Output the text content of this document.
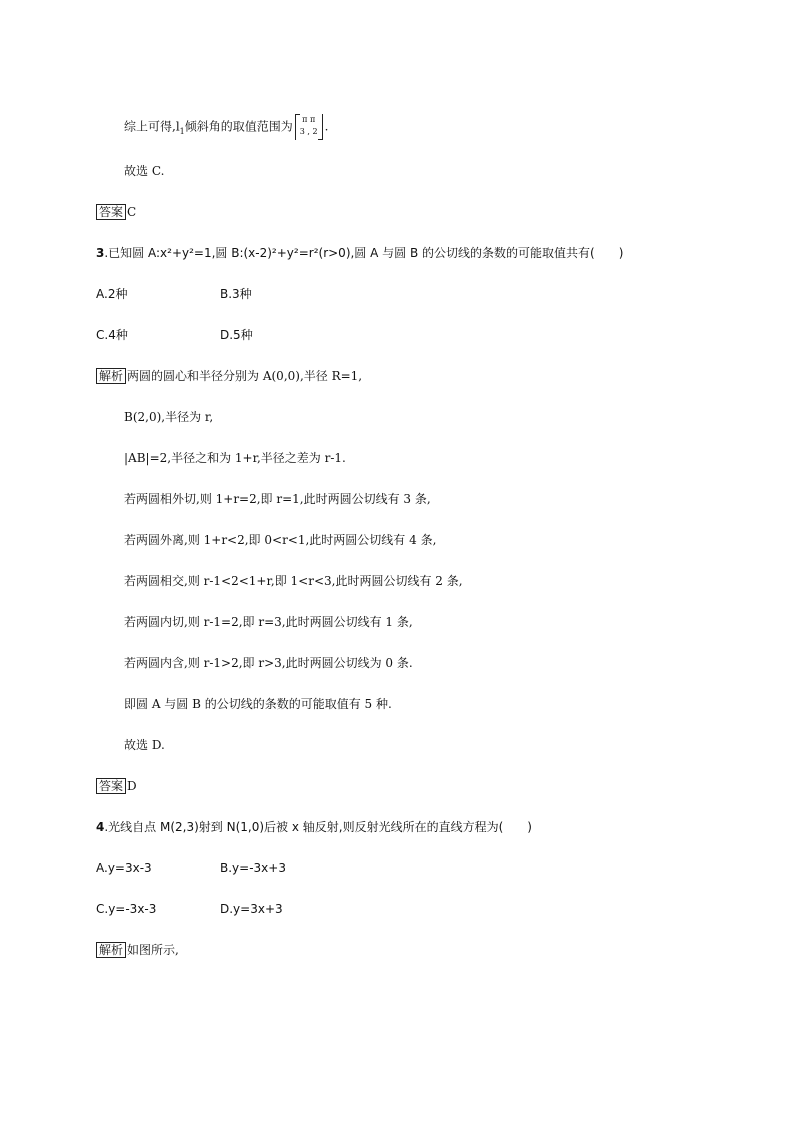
综上可得$,l_1$倾斜角的取值范围为 π π
3 , 2 .
故选 C.
答案 C
3.已知圆 A:x²+y²=1,圆 B:(x-2)²+y²=r²(r>0),圆 A 与圆 B 的公切线的条数的可能取值共有(　　)
A.2种	B.3种
C.4种	D.5种
解析 两圆的圆心和半径分别为 A(0,0),半径 R=1,
B(2,0),半径为 r,
|AB|=2,半径之和为 1+r,半径之差为 r-1.
若两圆相外切,则 1+r=2,即 r=1,此时两圆公切线有 3 条,
若两圆外离,则 1+r<2,即 0<r<1,此时两圆公切线有 4 条,
若两圆相交,则 r-1<2<1+r,即 1<r<3,此时两圆公切线有 2 条,
若两圆内切,则 r-1=2,即 r=3,此时两圆公切线有 1 条,
若两圆内含,则 r-1>2,即 r>3,此时两圆公切线为 0 条.
即圆 A 与圆 B 的公切线的条数的可能取值有 5 种.
故选 D.
答案 D
4.光线自点 M(2,3)射到 N(1,0)后被 x 轴反射,则反射光线所在的直线方程为(　　)
A.y=3x-3	B.y=-3x+3
C.y=-3x-3	D.y=3x+3
解析 如图所示,
